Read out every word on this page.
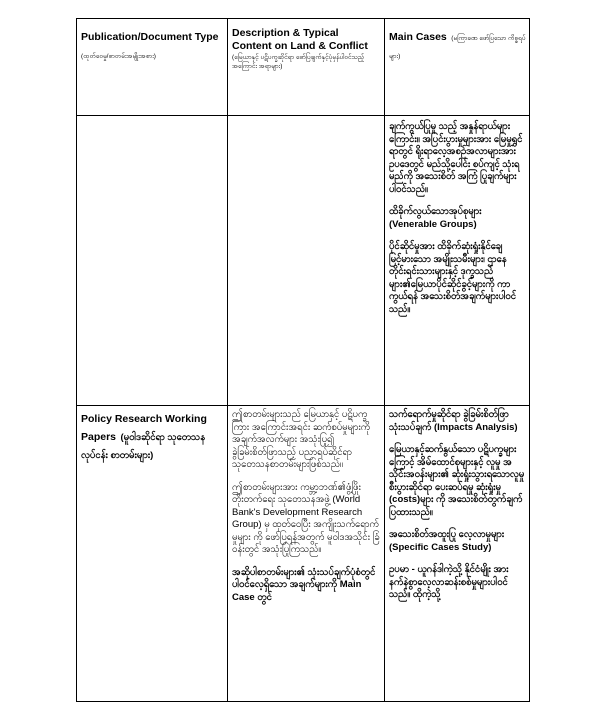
Publication/Document Type (ထုတ်ဝေမှု/စာတမ်းအမျိုးအစား)
Description & Typical Content on Land & Conflict
(မြေယာနှင့် ပဋိပက္ခဆိုင်ရာ ဖော်ပြချက်နှင့်ပုံမှန်ပါဝင်သည့် အကြောင်း အရာများ)
Main Cases (မကြာခဏ ဖော်ပြသော ကိစ္စရပ်များ)

ချက်ကွယ်ပြုမှု သည့် အနှုန်ရာယ်များကြောင်း။ အပြင်းပွားမှုများအား မြေမှုရွှင်ရာတွင် ရိုးရာလေ့အစဉ်အလာများအား ဥပဒေတွင် မည်သို့ပေါင်း စပ်ကျင့် သုံးရမည်ကို အသေးစိတ် အကြံ ပြုချက်များပါဝင်သည်။

ထိခိုက်လွယ်သောအုပ်စုများ (Venerable Groups)

ပိုင်ဆိုင်မှုအား ထိခိုက်ဆုံးရှုံးနိုင်ချေမြင့်မားသော အမျိုးသမီးများ၊ ဌာနေတိုင်းရင်းသားများနှင့် ဒုက္ခသည်များ၏မြေယာပိုင်ဆိုင်ခွင့်များကို ကာကွယ်ရန် အသေးစိတ်အချက်များပါဝင်သည်။

Policy Research Working Papers (မူဝါဒဆိုင်ရာ သုတေသနလုပ်ငန်း စာတမ်းများ)

ဤစာတမ်းများသည် မြေယာနှင့် ပဋိပက္ခကြား အကြောင်းအရင်း ဆက်စပ်မှုများကို အချက်အလက်များ အသုံးပြု၍ ခွဲခြမ်းစိတ်ဖြာသည့် ပညာရပ်ဆိုင်ရာ သုတေသနစာတမ်းများဖြစ်သည်။

ဤစာတမ်းများအား ကမ္ဘာ့ဘဏ်၏ဖွံ့ဖြိုးတိုးတက်ရေး သုတေသနအဖွဲ့ (World Bank's Development Research Group) မှ ထုတ်ဝေပြီး အကျိုးသက်ရောက်မှုများ ကို ဖော်ပြရန်အတွက် မူဝါဒအသိုင်း ခြံဝန်းတွင် အသုံးပြုကြသည်။

အဆိုပါစာတမ်းများ၏ သုံးသပ်ချက်ပုံစံတွင် ပါဝင်လေ့ရှိသော အချက်များကို Main Case တွင်

သက်ရောက်မှုဆိုင်ရာ ခွဲခြမ်းစိတ်ဖြာသုံးသပ်ချက် (Impacts Analysis)

မြေယာနှင့်ဆက်နွယ်သော ပဋိပက္ခများကြောင့် အိမ်ထောင်စုများနှင့် လူမှု အသိုင်းအဝန်းများ၏ ဆုံးရှုံးသွားရသောလူမှုစီးပွားဆိုင်ရာ ပေးဆပ်ရမှု ဆုံးရှုံးမှု (costs)များ ကို အသေးစိတ်တွက်ချက်ပြထားသည်။

အသေးစိတ်အထူးပြု လေ့လာမှုများ (Specific Cases Study)

ဥပမာ - ယူဂန်ဒါကဲ့သို့ နိုင်ငံမျိုး အား နက်နဲစွာလေ့လာဆန်းစစ်မှုများပါဝင်သည်။ ထိုကဲ့သို့
